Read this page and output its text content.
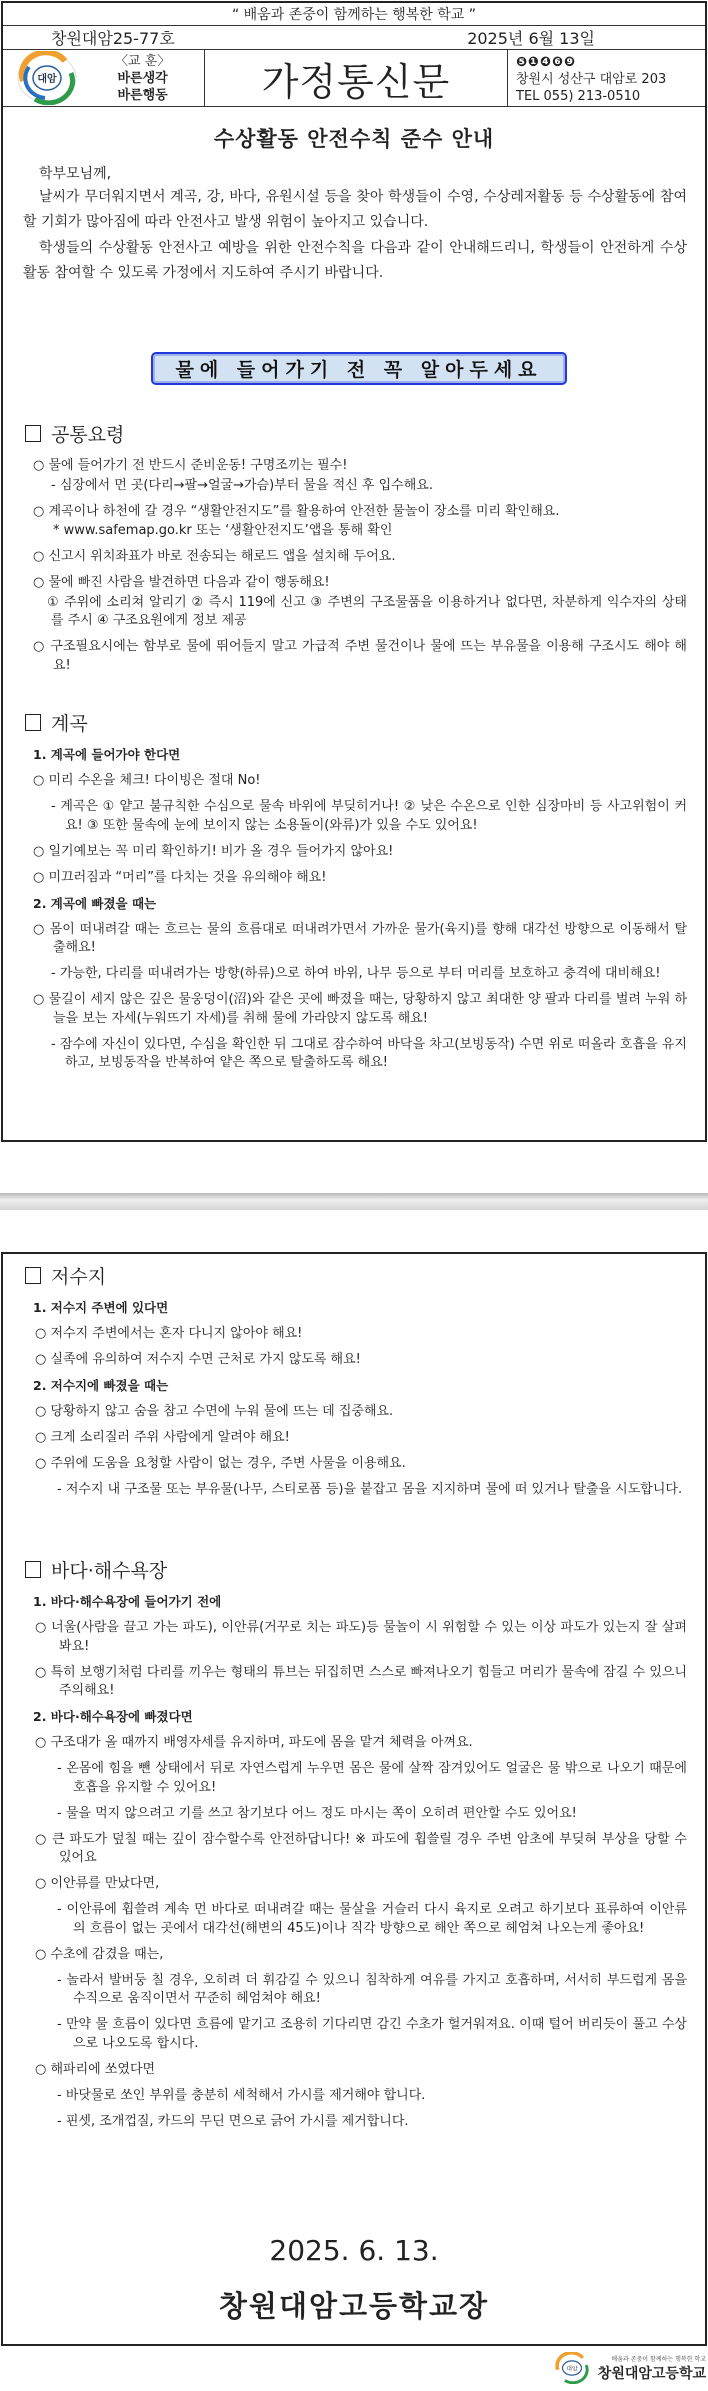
“ 배움과 존중이 함께하는 행복한 학교 ”
창원대암25-77호	2025년 6월 13일
대암
〈교 훈〉
바른생각
바른행동	가정통신문	❺❶❹❻❾
창원시 성산구 대암로 203
TEL 055) 213-0510
수상활동 안전수칙 준수 안내
학부모님께,
날씨가 무더워지면서 계곡, 강, 바다, 유원시설 등을 찾아 학생들이 수영, 수상레저활동 등 수상활동에 참여할 기회가 많아짐에 따라 안전사고 발생 위험이 높아지고 있습니다.
학생들의 수상활동 안전사고 예방을 위한 안전수칙을 다음과 같이 안내해드리니, 학생들이 안전하게 수상활동 참여할 수 있도록 가정에서 지도하여 주시기 바랍니다.
물에 들어가기 전 꼭 알아두세요
공통요령
○ 물에 들어가기 전 반드시 준비운동! 구명조끼는 필수!
- 심장에서 먼 곳(다리→팔→얼굴→가슴)부터 물을 적신 후 입수해요.
○ 계곡이나 하천에 갈 경우 “생활안전지도”를 활용하여 안전한 물놀이 장소를 미리 확인해요.
* www.safemap.go.kr 또는 ‘생활안전지도’앱을 통해 확인
○ 신고시 위치좌표가 바로 전송되는 해로드 앱을 설치해 두어요.
○ 물에 빠진 사람을 발견하면 다음과 같이 행동해요!
① 주위에 소리쳐 알리기 ② 즉시 119에 신고 ③ 주변의 구조물품을 이용하거나 없다면, 차분하게 익수자의 상태를 주시 ④ 구조요원에게 정보 제공
○ 구조필요시에는 함부로 물에 뛰어들지 말고 가급적 주변 물건이나 물에 뜨는 부유물을 이용해 구조시도 해야 해요!
계곡
1. 계곡에 들어가야 한다면
○ 미리 수온을 체크! 다이빙은 절대 No!
- 계곡은 ① 얕고 불규칙한 수심으로 물속 바위에 부딪히거나! ② 낮은 수온으로 인한 심장마비 등 사고위험이 커요! ③ 또한 물속에 눈에 보이지 않는 소용돌이(와류)가 있을 수도 있어요!
○ 일기예보는 꼭 미리 확인하기! 비가 올 경우 들어가지 않아요!
○ 미끄러짐과 “머리”를 다치는 것을 유의해야 해요!
2. 계곡에 빠졌을 때는
○ 몸이 떠내려갈 때는 흐르는 물의 흐름대로 떠내려가면서 가까운 물가(육지)를 향해 대각선 방향으로 이동해서 탈출해요!
- 가능한, 다리를 떠내려가는 방향(하류)으로 하여 바위, 나무 등으로 부터 머리를 보호하고 충격에 대비해요!
○ 물길이 세지 않은 깊은 물웅덩이(沼)와 같은 곳에 빠졌을 때는, 당황하지 않고 최대한 양 팔과 다리를 벌려 누워 하늘을 보는 자세(누워뜨기 자세)를 취해 물에 가라앉지 않도록 해요!
- 잠수에 자신이 있다면, 수심을 확인한 뒤 그대로 잠수하여 바닥을 차고(보빙동작) 수면 위로 떠올라 호흡을 유지하고, 보빙동작을 반복하여 얕은 쪽으로 탈출하도록 해요!
저수지
1. 저수지 주변에 있다면
○ 저수지 주변에서는 혼자 다니지 않아야 해요!
○ 실족에 유의하여 저수지 수면 근처로 가지 않도록 해요!
2. 저수지에 빠졌을 때는
○ 당황하지 않고 숨을 참고 수면에 누워 물에 뜨는 데 집중해요.
○ 크게 소리질러 주위 사람에게 알려야 해요!
○ 주위에 도움을 요청할 사람이 없는 경우, 주변 사물을 이용해요.
- 저수지 내 구조물 또는 부유물(나무, 스티로폼 등)을 붙잡고 몸을 지지하며 물에 떠 있거나 탈출을 시도합니다.
바다·해수욕장
1. 바다·해수욕장에 들어가기 전에
○ 너울(사람을 끌고 가는 파도), 이안류(거꾸로 치는 파도)등 물놀이 시 위험할 수 있는 이상 파도가 있는지 잘 살펴봐요!
○ 특히 보행기처럼 다리를 끼우는 형태의 튜브는 뒤집히면 스스로 빠져나오기 힘들고 머리가 물속에 잠길 수 있으니 주의해요!
2. 바다·해수욕장에 빠졌다면
○ 구조대가 올 때까지 배영자세를 유지하며, 파도에 몸을 맡겨 체력을 아껴요.
- 온몸에 힘을 뺀 상태에서 뒤로 자연스럽게 누우면 몸은 물에 살짝 잠겨있어도 얼굴은 물 밖으로 나오기 때문에 호흡을 유지할 수 있어요!
- 물을 먹지 않으려고 기를 쓰고 참기보다 어느 정도 마시는 쪽이 오히려 편안할 수도 있어요!
○ 큰 파도가 덮칠 때는 깊이 잠수할수록 안전하답니다! ※ 파도에 휩쓸릴 경우 주변 암초에 부딪혀 부상을 당할 수 있어요
○ 이안류를 만났다면,
- 이안류에 휩쓸려 계속 먼 바다로 떠내려갈 때는 물살을 거슬러 다시 육지로 오려고 하기보다 표류하여 이안류의 흐름이 없는 곳에서 대각선(해변의 45도)이나 직각 방향으로 해안 쪽으로 헤엄쳐 나오는게 좋아요!
○ 수초에 감겼을 때는,
- 놀라서 발버둥 칠 경우, 오히려 더 휘감길 수 있으니 침착하게 여유를 가지고 호흡하며, 서서히 부드럽게 몸을 수직으로 움직이면서 꾸준히 헤엄쳐야 해요!
- 만약 물 흐름이 있다면 흐름에 맡기고 조용히 기다리면 감긴 수초가 헐거워져요. 이때 털어 버리듯이 풀고 수상으로 나오도록 합시다.
○ 해파리에 쏘였다면
- 바닷물로 쏘인 부위를 충분히 세척해서 가시를 제거해야 합니다.
- 핀셋, 조개껍질, 카드의 무딘 면으로 긁어 가시를 제거합니다.
2025. 6. 13.
창원대암고등학교장
대암
배움과 존중이 함께하는 행복한 학교
창원대암고등학교
